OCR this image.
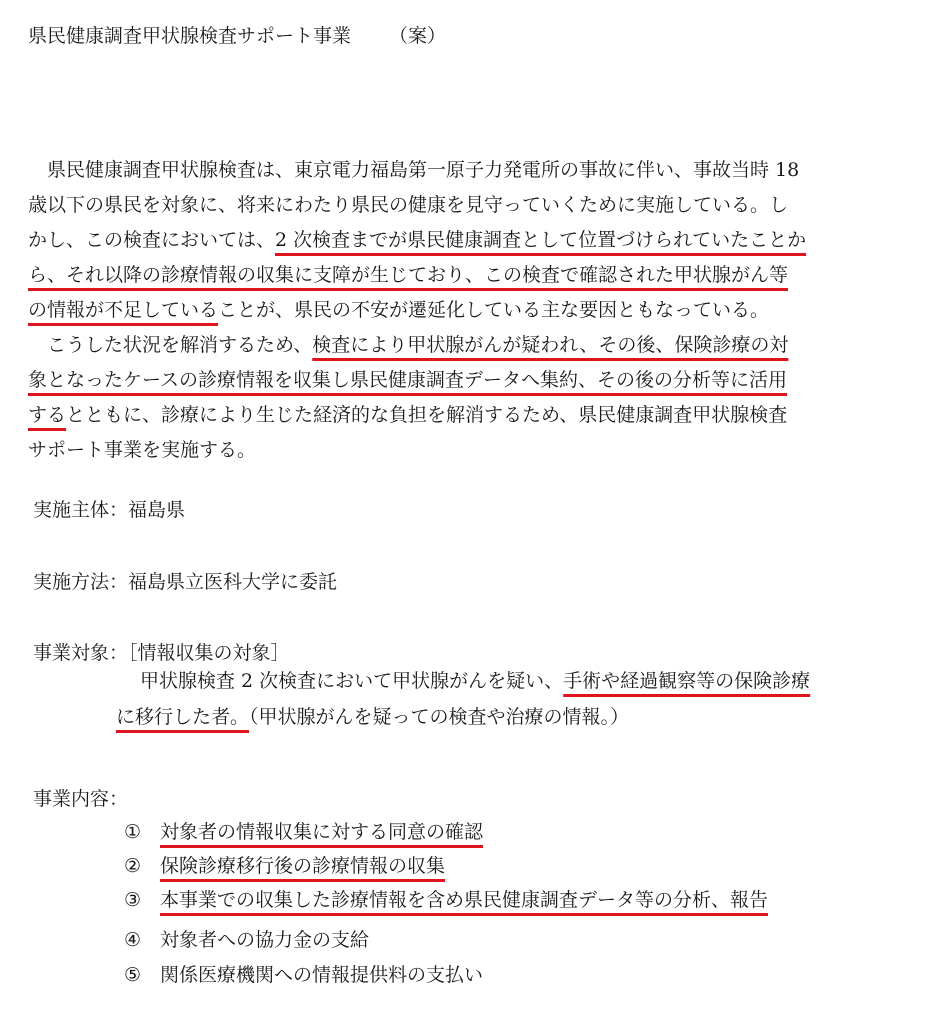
県民健康調査甲状腺検査サポート事業 （案）
　県民健康調査甲状腺検査は、東京電力福島第一原子力発電所の事故に伴い、事故当時 18
歳以下の県民を対象に、将来にわたり県民の健康を見守っていくために実施している。し
かし、この検査においては、2 次検査までが県民健康調査として位置づけられていたことか
ら、それ以降の診療情報の収集に支障が生じており、この検査で確認された甲状腺がん等
の情報が不足していることが、県民の不安が遷延化している主な要因ともなっている。
　こうした状況を解消するため、検査により甲状腺がんが疑われ、その後、保険診療の対
象となったケースの診療情報を収集し県民健康調査データへ集約、その後の分析等に活用
するとともに、診療により生じた経済的な負担を解消するため、県民健康調査甲状腺検査
サポート事業を実施する。
実施主体：福島県
実施方法：福島県立医科大学に委託
事業対象：［情報収集の対象］
甲状腺検査 2 次検査において甲状腺がんを疑い、手術や経過観察等の保険診療
に移行した者。（甲状腺がんを疑っての検査や治療の情報。）
事業内容：
① 対象者の情報収集に対する同意の確認
② 保険診療移行後の診療情報の収集
③ 本事業での収集した診療情報を含め県民健康調査データ等の分析、報告
④ 対象者への協力金の支給
⑤ 関係医療機関への情報提供料の支払い
